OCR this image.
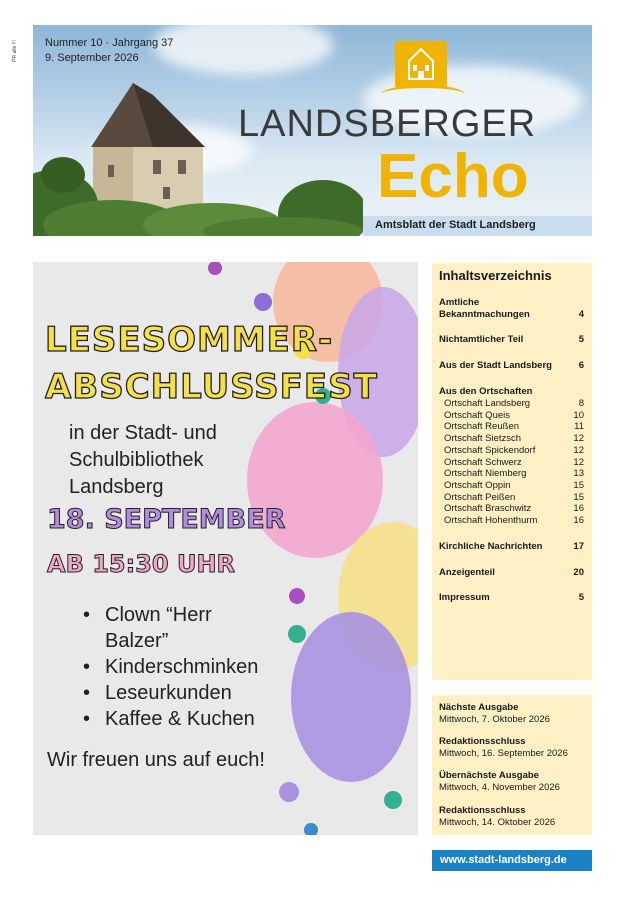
PR alle !!! Nummer 10 · Jahrgang 37
9. September 2026
LANDSBERGER
Echo
Amtsblatt der Stadt Landsberg
LESESOMMER-
ABSCHLUSSFEST
in der Stadt- und
Schulbibliothek
Landsberg
18. SEPTEMBER
AB 15:30 UHR
• Clown “Herr
Balzer”
• Kinderschminken
• Leseurkunden
• Kaffee & Kuchen
Wir freuen uns auf euch!
Inhaltsverzeichnis
Amtliche
Bekanntmachungen	4
Nichtamtlicher Teil	5
Aus der Stadt Landsberg	6
Aus den Ortschaften
Ortschaft Landsberg	8
Ortschaft Queis	10
Ortschaft Reußen	11
Ortschaft Sietzsch	12
Ortschaft Spickendorf	12
Ortschaft Schwerz	12
Ortschaft Niemberg	13
Ortschaft Oppin	15
Ortschaft Peißen	15
Ortschaft Braschwitz	16
Ortschaft Hohenthurm	16
Kirchliche Nachrichten	17
Anzeigenteil	20
Impressum	5
Nächste Ausgabe
Mittwoch, 7. Oktober 2026
Redaktionsschluss
Mittwoch, 16. September 2026
Übernächste Ausgabe
Mittwoch, 4. November 2026
Redaktionsschluss
Mittwoch, 14. Oktober 2026
www.stadt-landsberg.de
